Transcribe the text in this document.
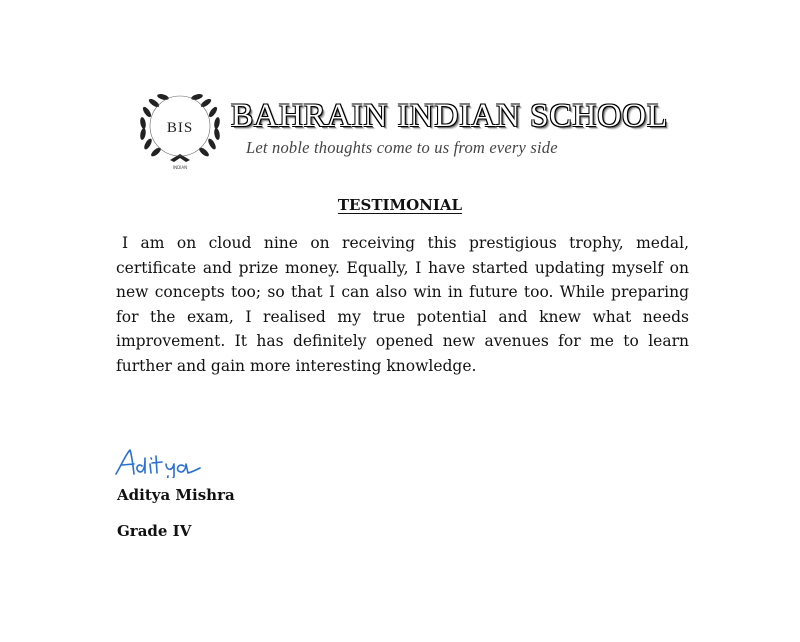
BIS
INDIAN
BAHRAIN INDIAN SCHOOL
Let noble thoughts come to us from every side
TESTIMONIAL

I am on cloud nine on receiving this prestigious trophy, medal, certificate and prize money. Equally, I have started updating myself on new concepts too; so that I can also win in future too. While preparing for the exam, I realised my true potential and knew what needs improvement. It has definitely opened new avenues for me to learn further and gain more interesting knowledge.

Aditya Mishra
Grade IV
